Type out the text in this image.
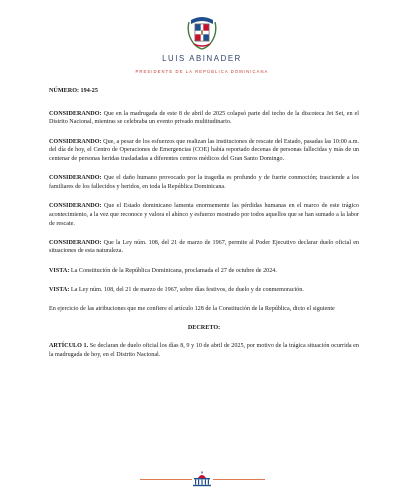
LUIS ABINADER
PRESIDENTE DE LA REPÚBLICA DOMINICANA

NÚMERO: 194-25

CONSIDERANDO: Que en la madrugada de este 8 de abril de 2025 colapsó parte del techo de la discoteca Jet Set, en el Distrito Nacional, mientras se celebraba un evento privado multitudinario.

CONSIDERANDO: Que, a pesar de los esfuerzos que realizan las instituciones de rescate del Estado, pasadas las 10:00 a.m. del día de hoy, el Centro de Operaciones de Emergencias (COE) había reportado decenas de personas fallecidas y más de un centenar de personas heridas trasladadas a diferentes centros médicos del Gran Santo Domingo.

CONSIDERANDO: Que el daño humano provocado por la tragedia es profundo y de fuerte conmoción; trasciende a los familiares de los fallecidos y heridos, en toda la República Dominicana.

CONSIDERANDO: Que el Estado dominicano lamenta enormemente las pérdidas humanas en el marco de este trágico acontecimiento, a la vez que reconoce y valora el ahínco y esfuerzo mostrado por todos aquellos que se han sumado a la labor de rescate.

CONSIDERANDO: Que la Ley núm. 108, del 21 de marzo de 1967, permite al Poder Ejecutivo declarar duelo oficial en situaciones de esta naturaleza.

VISTA: La Constitución de la República Dominicana, proclamada el 27 de octubre de 2024.

VISTA: La Ley núm. 108, del 21 de marzo de 1967, sobre días festivos, de duelo y de conmemoración.

En ejercicio de las atribuciones que me confiere el artículo 128 de la Constitución de la República, dicto el siguiente

DECRETO:

ARTÍCULO 1. Se declaran de duelo oficial los días 8, 9 y 10 de abril de 2025, por motivo de la trágica situación ocurrida en la madrugada de hoy, en el Distrito Nacional.
